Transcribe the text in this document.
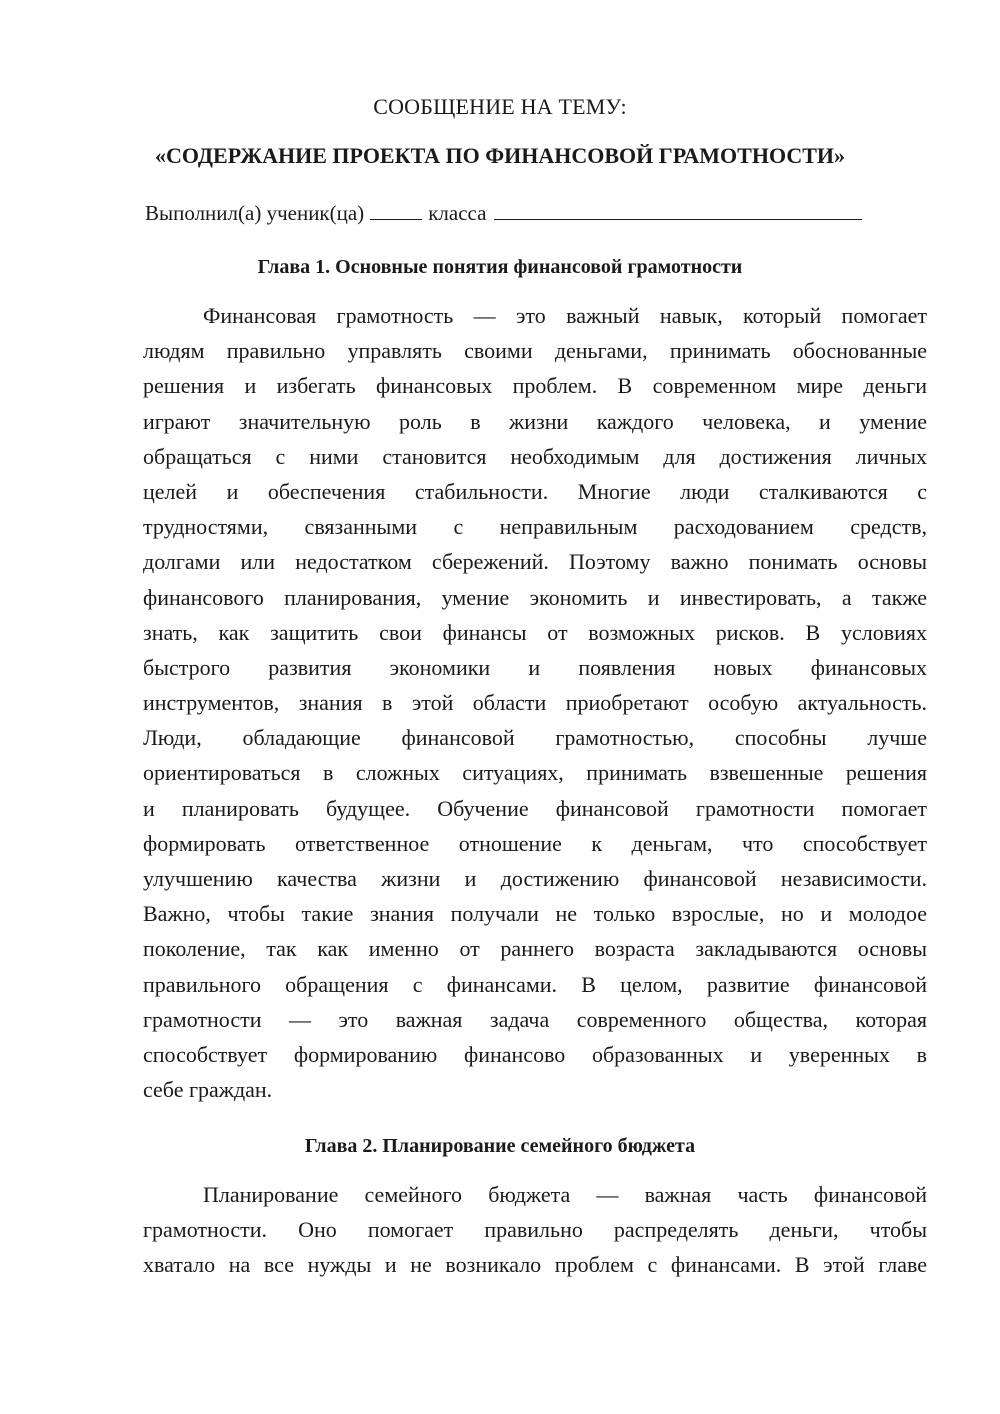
СООБЩЕНИЕ НА ТЕМУ:
«СОДЕРЖАНИЕ ПРОЕКТА ПО ФИНАНСОВОЙ ГРАМОТНОСТИ»
Выполнил(а) ученик(ца)	класса
Глава 1. Основные понятия финансовой грамотности
Финансовая грамотность — это важный навык, который помогает
людям правильно управлять своими деньгами, принимать обоснованные
решения и избегать финансовых проблем. В современном мире деньги
играют значительную роль в жизни каждого человека, и умение
обращаться с ними становится необходимым для достижения личных
целей и обеспечения стабильности. Многие люди сталкиваются с
трудностями, связанными с неправильным расходованием средств,
долгами или недостатком сбережений. Поэтому важно понимать основы
финансового планирования, умение экономить и инвестировать, а также
знать, как защитить свои финансы от возможных рисков. В условиях
быстрого развития экономики и появления новых финансовых
инструментов, знания в этой области приобретают особую актуальность.
Люди, обладающие финансовой грамотностью, способны лучше
ориентироваться в сложных ситуациях, принимать взвешенные решения
и планировать будущее. Обучение финансовой грамотности помогает
формировать ответственное отношение к деньгам, что способствует
улучшению качества жизни и достижению финансовой независимости.
Важно, чтобы такие знания получали не только взрослые, но и молодое
поколение, так как именно от раннего возраста закладываются основы
правильного обращения с финансами. В целом, развитие финансовой
грамотности — это важная задача современного общества, которая
способствует формированию финансово образованных и уверенных в
себе граждан.
Глава 2. Планирование семейного бюджета
Планирование семейного бюджета — важная часть финансовой
грамотности. Оно помогает правильно распределять деньги, чтобы
хватало на все нужды и не возникало проблем с финансами. В этой главе
